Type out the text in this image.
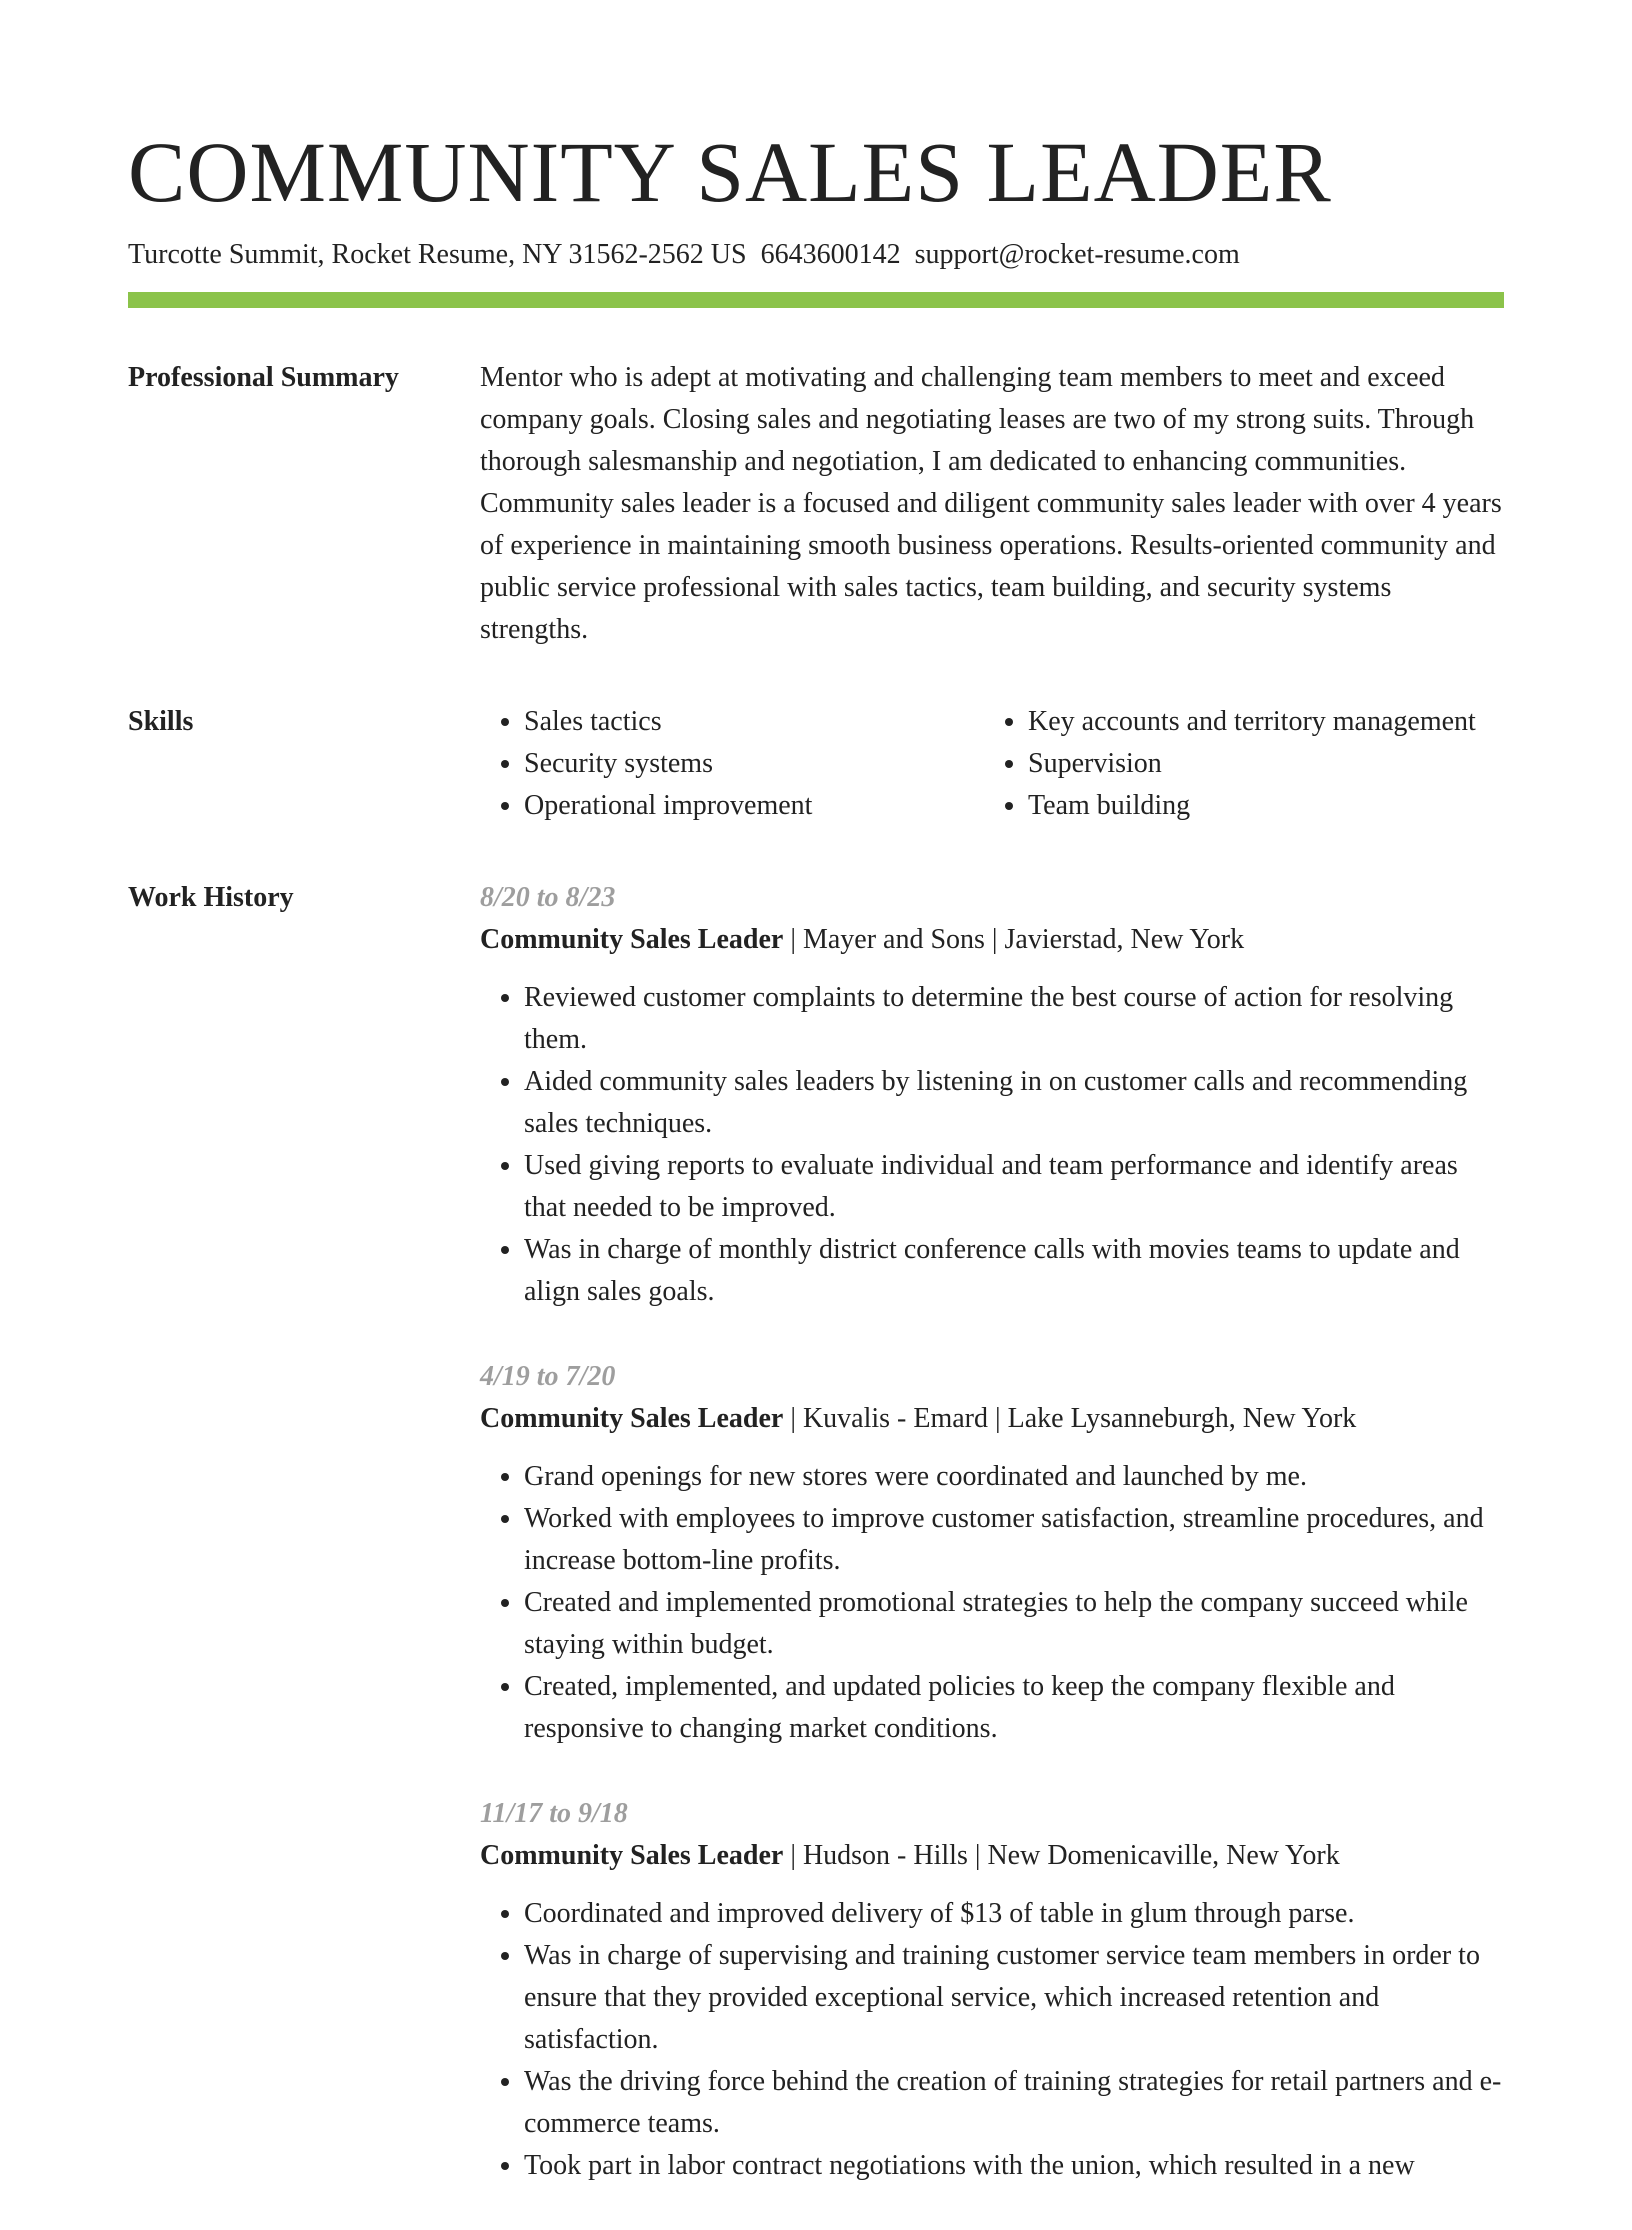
COMMUNITY SALES LEADER
Turcotte Summit, Rocket Resume, NY 31562-2562 US 6643600142 support@rocket-resume.com
Professional Summary	Mentor who is adept at motivating and challenging team members to meet and exceed company goals. Closing sales and negotiating leases are two of my strong suits. Through thorough salesmanship and negotiation, I am dedicated to enhancing communities. Community sales leader is a focused and diligent community sales leader with over 4 years of experience in maintaining smooth business operations. Results-oriented community and public service professional with sales tactics, team building, and security systems strengths.

Skills
•	Sales tactics
• Security systems
• Operational improvement
• Key accounts and territory management
• Supervision
• Team building
Work History	8/20 to 8/23
Community Sales Leader | Mayer and Sons | Javierstad, New York
• Reviewed customer complaints to determine the best course of action for resolving them.
• Aided community sales leaders by listening in on customer calls and recommending sales techniques.
• Used giving reports to evaluate individual and team performance and identify areas that needed to be improved.
• Was in charge of monthly district conference calls with movies teams to update and align sales goals.
4/19 to 7/20
Community Sales Leader | Kuvalis - Emard | Lake Lysanneburgh, New York
• Grand openings for new stores were coordinated and launched by me.
• Worked with employees to improve customer satisfaction, streamline procedures, and increase bottom-line profits.
• Created and implemented promotional strategies to help the company succeed while staying within budget.
• Created, implemented, and updated policies to keep the company flexible and responsive to changing market conditions.
11/17 to 9/18
Community Sales Leader | Hudson - Hills | New Domenicaville, New York
• Coordinated and improved delivery of $13 of table in glum through parse.
• Was in charge of supervising and training customer service team members in order to ensure that they provided exceptional service, which increased retention and satisfaction.
• Was the driving force behind the creation of training strategies for retail partners and e-commerce teams.
• Took part in labor contract negotiations with the union, which resulted in a new
